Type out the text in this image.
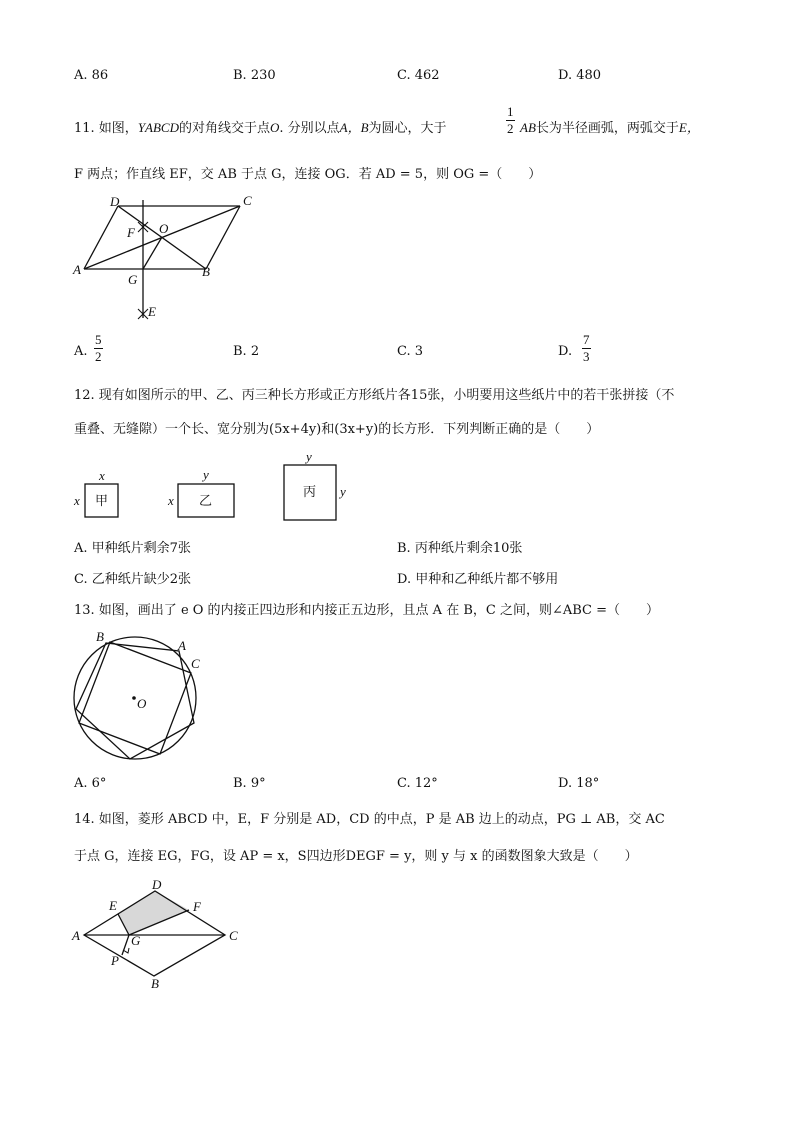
A. 86	B. 230	C. 462	D. 480
11. 如图，ΥABCD的对角线交于点O. 分别以点A，B为圆心，大于	$\frac{1}{2}$ AB长为半径画弧，两弧交于E，
F 两点；作直线 EF，交 AB 于点 G，连接 OG．若 AD = 5，则 OG =（　　）
D	C
F O
A
G
B
E
A. $\frac{5}{2}$	B. 2	C. 3	D. $\frac{7}{3}$
12. 现有如图所示的甲、乙、丙三种长方形或正方形纸片各15张，小明要用这些纸片中的若干张拼接（不
重叠、无缝隙）一个长、宽分别为(5x+4y)和(3x+y)的长方形．下列判断正确的是（　　）
x
x 甲
y
x 乙
y
y
丙
A. 甲种纸片剩余7张	B. 丙种纸片剩余10张
C. 乙种纸片缺少2张	D. 甲种和乙种纸片都不够用
13. 如图，画出了 e O 的内接正四边形和内接正五边形，且点 A 在 B，C 之间，则∠ABC =（　　）
B
A
C
O
A. 6°	B. 9°	C. 12°	D. 18°
14. 如图，菱形 ABCD 中，E，F 分别是 AD，CD 的中点，P 是 AB 边上的动点，PG ⊥ AB，交 AC
于点 G，连接 EG，FG，设 AP = x，S四边形DEGF = y，则 y 与 x 的函数图象大致是（　　）
D
E	F
A	G	C
P
B
